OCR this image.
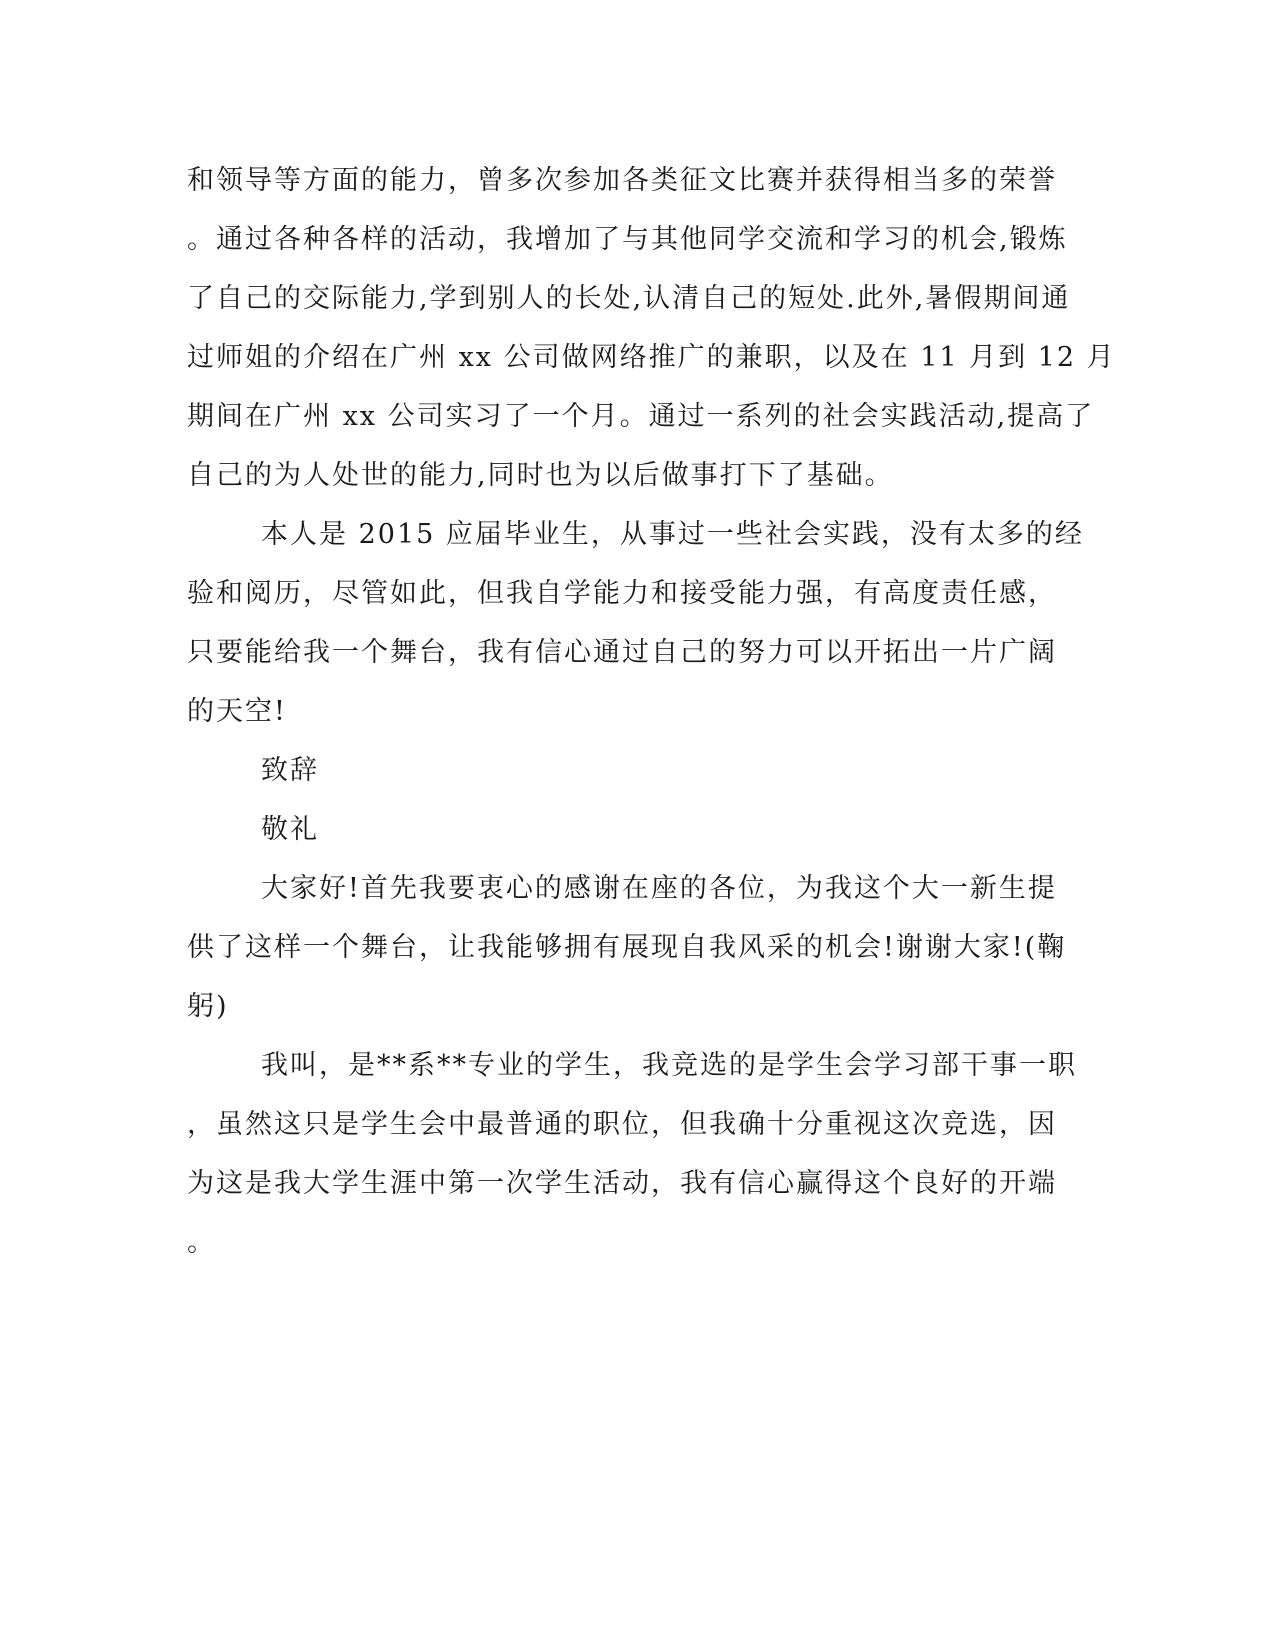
和领导等方面的能力，曾多次参加各类征文比赛并获得相当多的荣誉
。通过各种各样的活动，我增加了与其他同学交流和学习的机会,锻炼
了自己的交际能力,学到别人的长处,认清自己的短处.此外,暑假期间通
过师姐的介绍在广州 xx 公司做网络推广的兼职，以及在 11 月到 12 月
期间在广州 xx 公司实习了一个月。通过一系列的社会实践活动,提高了
自己的为人处世的能力,同时也为以后做事打下了基础。
本人是 2015 应届毕业生，从事过一些社会实践，没有太多的经
验和阅历，尽管如此，但我自学能力和接受能力强，有高度责任感，
只要能给我一个舞台，我有信心通过自己的努力可以开拓出一片广阔
的天空!
致辞
敬礼
大家好!首先我要衷心的感谢在座的各位，为我这个大一新生提
供了这样一个舞台，让我能够拥有展现自我风采的机会!谢谢大家!(鞠
躬)
我叫，是**系**专业的学生，我竞选的是学生会学习部干事一职
，虽然这只是学生会中最普通的职位，但我确十分重视这次竞选，因
为这是我大学生涯中第一次学生活动，我有信心赢得这个良好的开端
。
